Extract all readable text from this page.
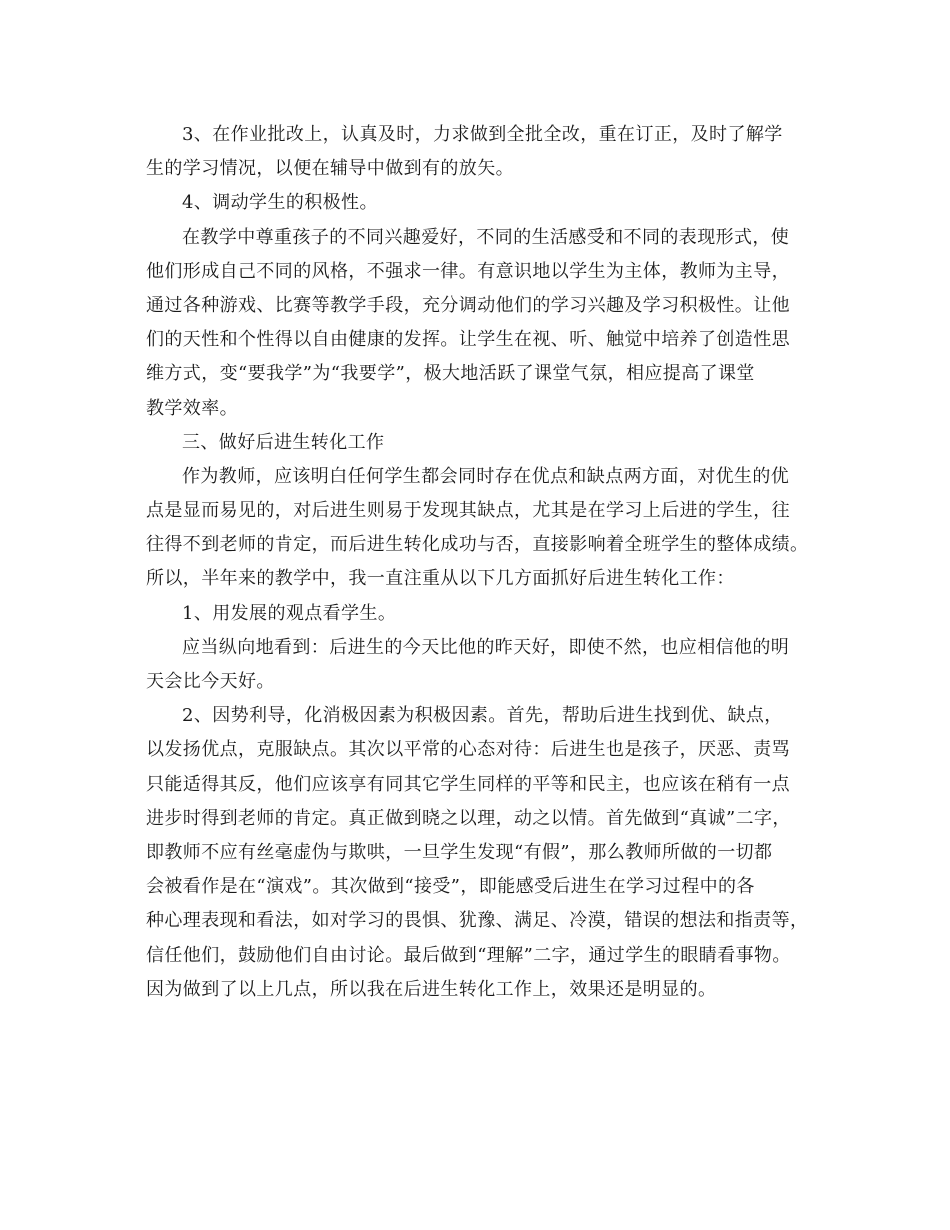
3、在作业批改上，认真及时，力求做到全批全改，重在订正，及时了解学
生的学习情况，以便在辅导中做到有的放矢。
4、调动学生的积极性。
在教学中尊重孩子的不同兴趣爱好，不同的生活感受和不同的表现形式，使
他们形成自己不同的风格，不强求一律。有意识地以学生为主体，教师为主导，
通过各种游戏、比赛等教学手段，充分调动他们的学习兴趣及学习积极性。让他
们的天性和个性得以自由健康的发挥。让学生在视、听、触觉中培养了创造性思
维方式，变“要我学”为“我要学”，极大地活跃了课堂气氛，相应提高了课堂
教学效率。
三、做好后进生转化工作
作为教师，应该明白任何学生都会同时存在优点和缺点两方面，对优生的优
点是显而易见的，对后进生则易于发现其缺点，尤其是在学习上后进的学生，往
往得不到老师的肯定，而后进生转化成功与否，直接影响着全班学生的整体成绩。
所以，半年来的教学中，我一直注重从以下几方面抓好后进生转化工作：
1、用发展的观点看学生。
应当纵向地看到：后进生的今天比他的昨天好，即使不然，也应相信他的明
天会比今天好。
2、因势利导，化消极因素为积极因素。首先，帮助后进生找到优、缺点，
以发扬优点，克服缺点。其次以平常的心态对待：后进生也是孩子，厌恶、责骂
只能适得其反，他们应该享有同其它学生同样的平等和民主，也应该在稍有一点
进步时得到老师的肯定。真正做到晓之以理，动之以情。首先做到“真诚”二字，
即教师不应有丝毫虚伪与欺哄，一旦学生发现“有假”，那么教师所做的一切都
会被看作是在“演戏”。其次做到“接受”，即能感受后进生在学习过程中的各
种心理表现和看法，如对学习的畏惧、犹豫、满足、冷漠，错误的想法和指责等，
信任他们，鼓励他们自由讨论。最后做到“理解”二字，通过学生的眼睛看事物。
因为做到了以上几点，所以我在后进生转化工作上，效果还是明显的。
